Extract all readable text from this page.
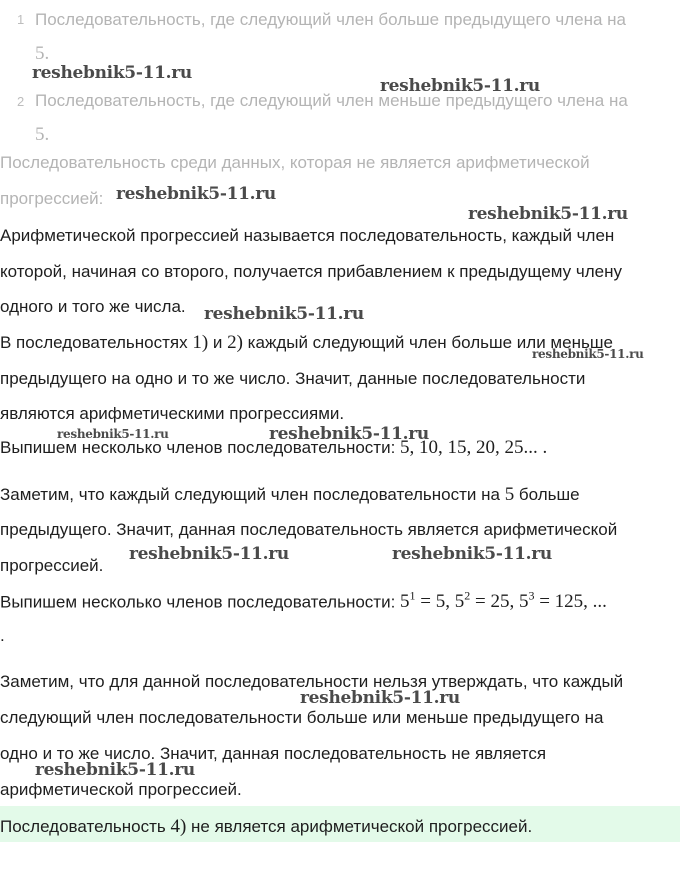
1 Последовательность, где следующий член больше предыдущего члена на
5.
2 Последовательность, где следующий член меньше предыдущего члена на
5.
Последовательность среди данных, которая не является арифметической
прогрессией:
Арифметической прогрессией называется последовательность, каждый член
которой, начиная со второго, получается прибавлением к предыдущему члену
одного и того же числа.
В последовательностях 1) и 2) каждый следующий член больше или меньше
предыдущего на одно и то же число. Значит, данные последовательности
являются арифметическими прогрессиями.
Выпишем несколько членов последовательности: 5, 10, 15, 20, 25... .
Заметим, что каждый следующий член последовательности на 5 больше
предыдущего. Значит, данная последовательность является арифметической
прогрессией.
Выпишем несколько членов последовательности: $5^1 = 5$, $5^2 = 25$, $5^3 = 125$, ...
.
Заметим, что для данной последовательности нельзя утверждать, что каждый
следующий член последовательности больше или меньше предыдущего на
одно и то же число. Значит, данная последовательность не является
арифметической прогрессией.
Последовательность 4) не является арифметической прогрессией.
reshebnik5-11.ru
reshebnik5-11.ru
reshebnik5-11.ru
reshebnik5-11.ru
reshebnik5-11.ru
reshebnik5-11.ru
reshebnik5-11.ru	reshebnik5-11.ru
reshebnik5-11.ru	reshebnik5-11.ru
reshebnik5-11.ru
reshebnik5-11.ru
